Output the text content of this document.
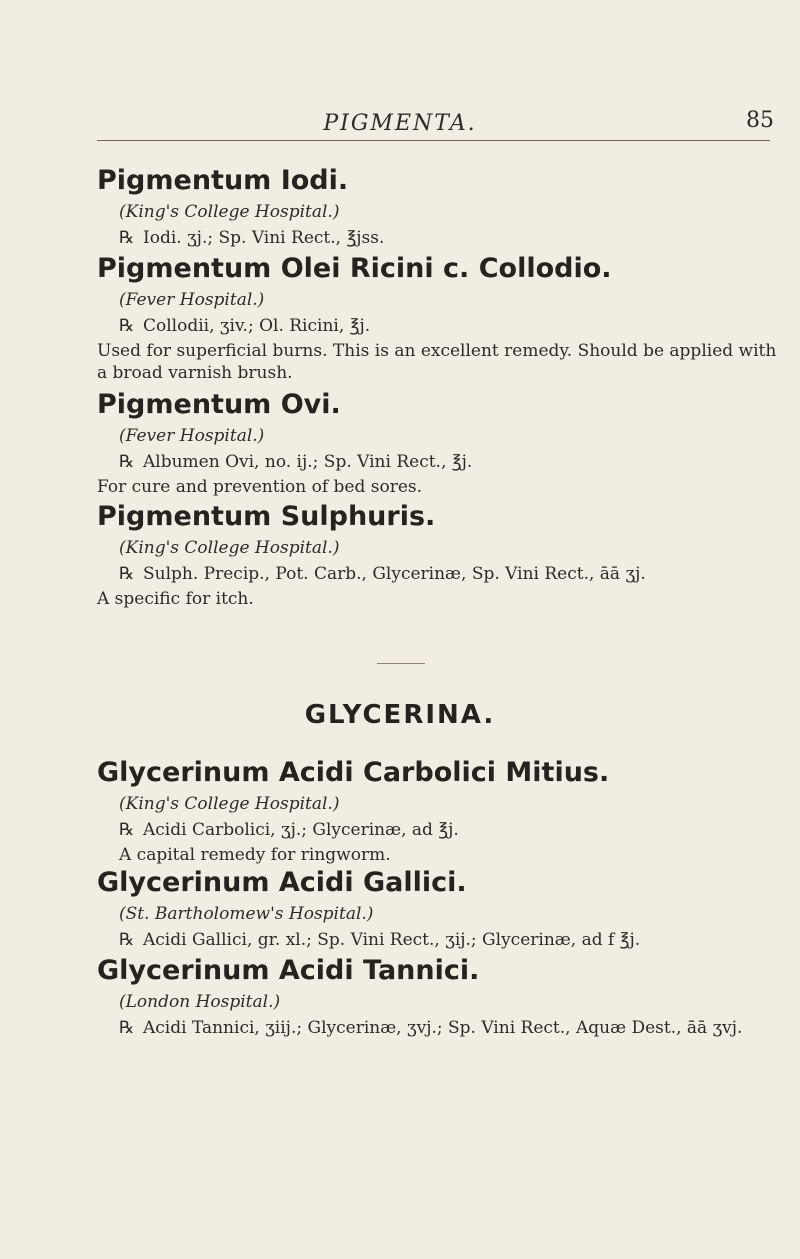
PIGMENTA.	85
Pigmentum Iodi.
(King's College Hospital.)
℞ Iodi. ʒj.; Sp. Vini Rect., ℥jss.
Pigmentum Olei Ricini c. Collodio.
(Fever Hospital.)
℞ Collodii, ʒiv.; Ol. Ricini, ℥j.
Used for superficial burns. This is an excellent remedy. Should be applied with a broad varnish brush.
Pigmentum Ovi.
(Fever Hospital.)
℞ Albumen Ovi, no. ij.; Sp. Vini Rect., ℥j.
For cure and prevention of bed sores.
Pigmentum Sulphuris.
(King's College Hospital.)
℞ Sulph. Precip., Pot. Carb., Glycerinæ, Sp. Vini Rect., āā ʒj.
A specific for itch.
GLYCERINA.
Glycerinum Acidi Carbolici Mitius.
(King's College Hospital.)
℞ Acidi Carbolici, ʒj.; Glycerinæ, ad ℥j.
A capital remedy for ringworm.
Glycerinum Acidi Gallici.
(St. Bartholomew's Hospital.)
℞ Acidi Gallici, gr. xl.; Sp. Vini Rect., ʒij.; Glycerinæ, ad f ℥j.
Glycerinum Acidi Tannici.
(London Hospital.)
℞ Acidi Tannici, ʒiij.; Glycerinæ, ʒvj.; Sp. Vini Rect., Aquæ Dest., āā ʒvj.
